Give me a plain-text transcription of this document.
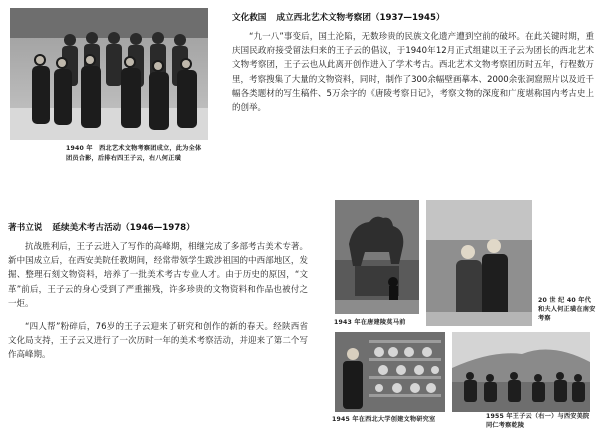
1940 年　西北艺术文物考察团成立，此为全体团员合影，后排右四王子云，右八何正璜
文化救国 成立西北艺术文物考察团（1937—1945）

“九一八”事变后，国土沦陷，无数珍贵的民族文化遗产遭到空前的破坏。在此关键时期，重庆国民政府接受留法归来的王子云的倡议，于1940年12月正式组建以王子云为团长的西北艺术文物考察团，王子云也从此离开创作进入了学术考古。西北艺术文物考察团历时五年，行程数万里，考察搜集了大量的文物资料，同时，制作了300余幅壁画摹本、2000余张洞窟照片以及近千幅各类题材的写生稿件、5万余字的《唐陵考察日记》，考察文物的深度和广度堪称国内考古史上的创举。

著书立说 延续美术考古活动（1946—1978）

抗战胜利后，王子云进入了写作的高峰期，相继完成了多部考古美术专著。新中国成立后，在西安美院任教期间，经常带领学生跋涉祖国的中西部地区，发掘、整理石刻文物资料，培养了一批美术考古专业人才。由于历史的原因，“文革”前后，王子云的身心受到了严重摧残，许多珍贵的文物资料和作品也被付之一炬。

“四人帮”粉碎后，76岁的王子云迎来了研究和创作的新的春天。经陕西省文化局支持，王子云又进行了一次历时一年的美术考察活动，并迎来了第二个写作高峰期。

1943 年在唐建陵莫马前
20 世 纪 40 年代和夫人何正璜在南安考察
1945 年在西北大学创建文物研究室	1955 年王子云（右一）与西安美院同仁考察乾陵
